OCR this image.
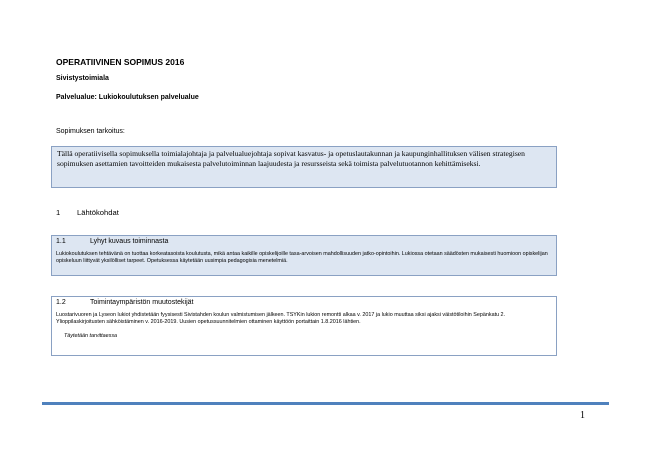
OPERATIIVINEN SOPIMUS 2016
Sivistystoimiala
Palvelualue: Lukiokoulutuksen palvelualue
Sopimuksen tarkoitus:
Tällä operatiivisella sopimuksella toimialajohtaja ja palvelualuejohtaja sopivat kasvatus- ja opetuslautakunnan ja kaupunginhallituksen välisen strategisen sopimuksen asettamien tavoitteiden mukaisesta palvelutoiminnan laajuudesta ja resursseista sekä toimista palvelutuotannon kehittämiseksi.
1 Lähtökohdat
1.1	Lyhyt kuvaus toiminnasta
Lukiokoulutuksen tehtävänä on tuottaa korkeatasoista koulutusta, mikä antaa kaikille opiskelijoille tasa-arvoisen mahdollisuuden jatko-opintoihin. Lukiossa otetaan säädösten mukaisesti huomioon opiskelijan opiskeluun liittyvät yksilölliset tarpeet. Opetuksessa käytetään uusimpia pedagogisia menetelmiä.
1.2	Toimintaympäristön muutostekijät
Luostarivuoren ja Lyseon lukiot yhdistetään fyysisesti Sivistahden koulun valmistumisen jälkeen. TSYKin lukion remontti alkaa v. 2017 ja lukio muuttaa siksi ajaksi väistötiloihin Sepänkatu 2. Ylioppilaskirjoitusten sähköistäminen v. 2016-2019. Uusien opetussuunnitelmien ottaminen käyttöön portaittain 1.8.2016 lähtien.
Täytetään tarvittaessa
1
